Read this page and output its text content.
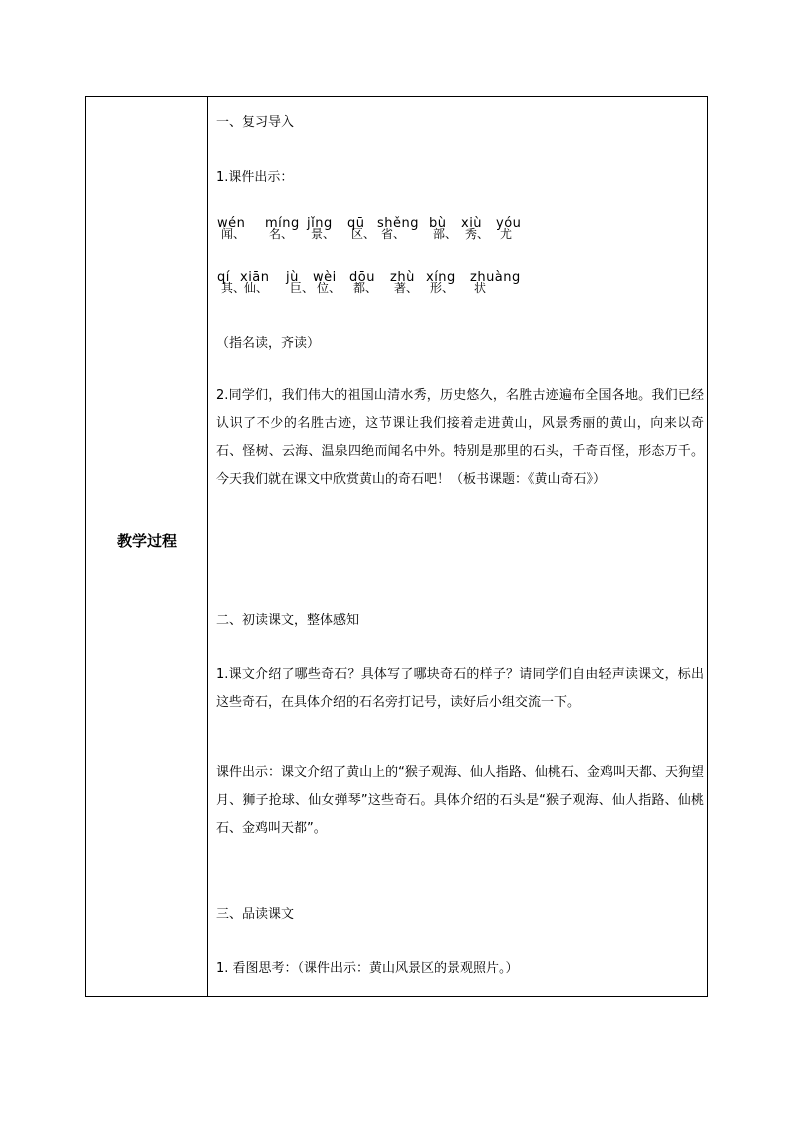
教学过程
一、复习导入
1.课件出示：
wén
闻、
míng
名、
jǐng
景、
qū
区、
shěng
省、
bù
部、
xiù
秀、
yóu
尤
qí
其、
xiān
仙、
jù
巨、
wèi
位、
dōu
都、
zhù
著、
xíng
形、
zhuàng
状
（指名读，齐读）
2.同学们，我们伟大的祖国山清水秀，历史悠久，名胜古迹遍布全国各地。我们已经认识了不少的名胜古迹，这节课让我们接着走进黄山，风景秀丽的黄山，向来以奇石、怪树、云海、温泉四绝而闻名中外。特别是那里的石头，千奇百怪，形态万千。今天我们就在课文中欣赏黄山的奇石吧！（板书课题：《黄山奇石》）
二、初读课文，整体感知
1.课文介绍了哪些奇石？具体写了哪块奇石的样子？请同学们自由轻声读课文，标出这些奇石，在具体介绍的石名旁打记号，读好后小组交流一下。
课件出示：课文介绍了黄山上的“猴子观海、仙人指路、仙桃石、金鸡叫天都、天狗望月、狮子抢球、仙女弹琴”这些奇石。具体介绍的石头是“猴子观海、仙人指路、仙桃石、金鸡叫天都”。
三、品读课文
1. 看图思考：（课件出示：黄山风景区的景观照片。）
